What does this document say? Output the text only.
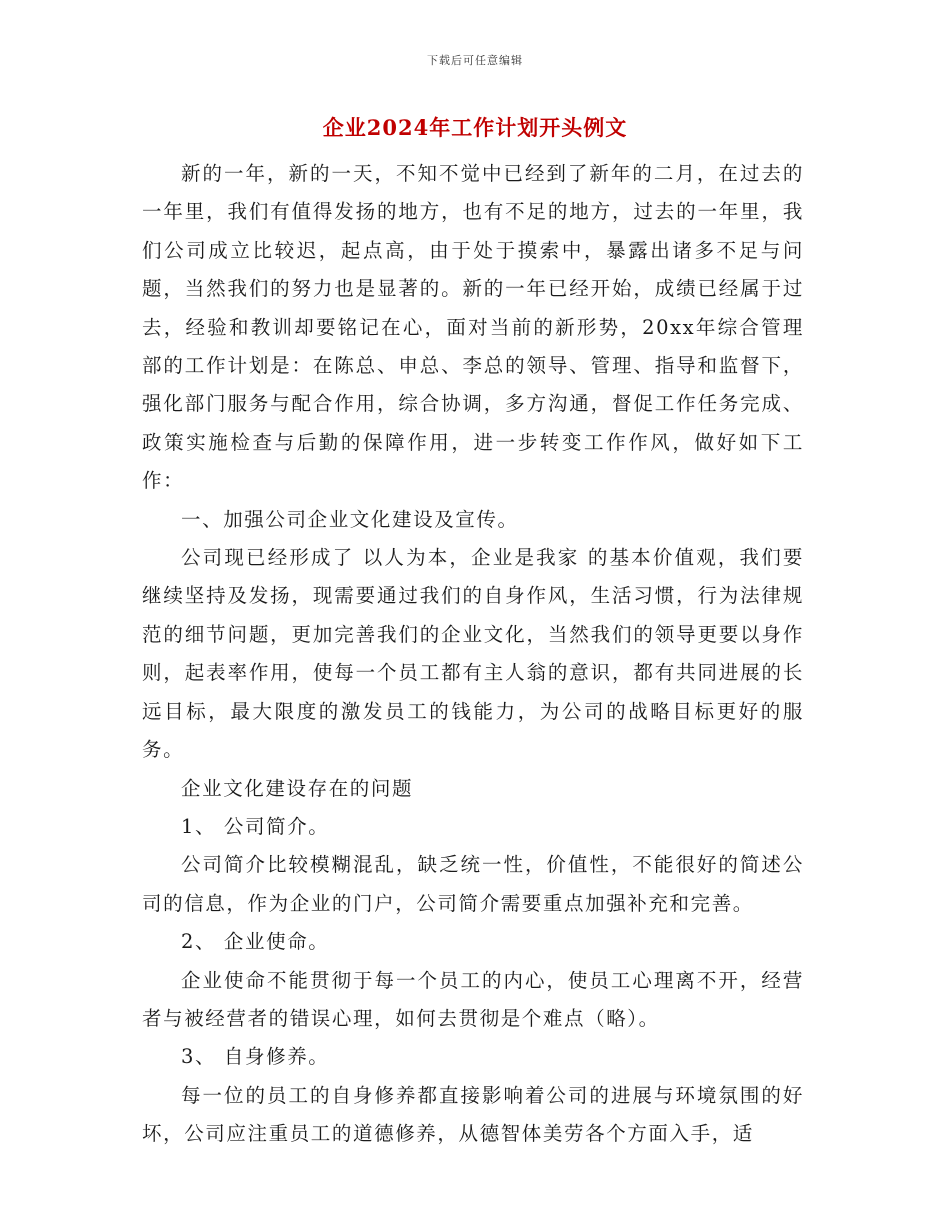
下载后可任意编辑
企业2024年工作计划开头例文

新的一年，新的一天，不知不觉中已经到了新年的二月，在过去的一年里，我们有值得发扬的地方，也有不足的地方，过去的一年里，我们公司成立比较迟，起点高，由于处于摸索中，暴露出诸多不足与问题，当然我们的努力也是显著的。新的一年已经开始，成绩已经属于过去，经验和教训却要铭记在心，面对当前的新形势，20xx年综合管理部的工作计划是：在陈总、申总、李总的领导、管理、指导和监督下，强化部门服务与配合作用，综合协调，多方沟通，督促工作任务完成、政策实施检查与后勤的保障作用，进一步转变工作作风，做好如下工作：

一、加强公司企业文化建设及宣传。

公司现已经形成了 以人为本，企业是我家 的基本价值观，我们要继续坚持及发扬，现需要通过我们的自身作风，生活习惯，行为法律规范的细节问题，更加完善我们的企业文化，当然我们的领导更要以身作则，起表率作用，使每一个员工都有主人翁的意识，都有共同进展的长远目标，最大限度的激发员工的钱能力，为公司的战略目标更好的服务。

企业文化建设存在的问题

1、 公司简介。

公司简介比较模糊混乱，缺乏统一性，价值性，不能很好的简述公司的信息，作为企业的门户，公司简介需要重点加强补充和完善。

2、 企业使命。

企业使命不能贯彻于每一个员工的内心，使员工心理离不开，经营者与被经营者的错误心理，如何去贯彻是个难点（略）。

3、 自身修养。

每一位的员工的自身修养都直接影响着公司的进展与环境氛围的好坏，公司应注重员工的道德修养，从德智体美劳各个方面入手，适
